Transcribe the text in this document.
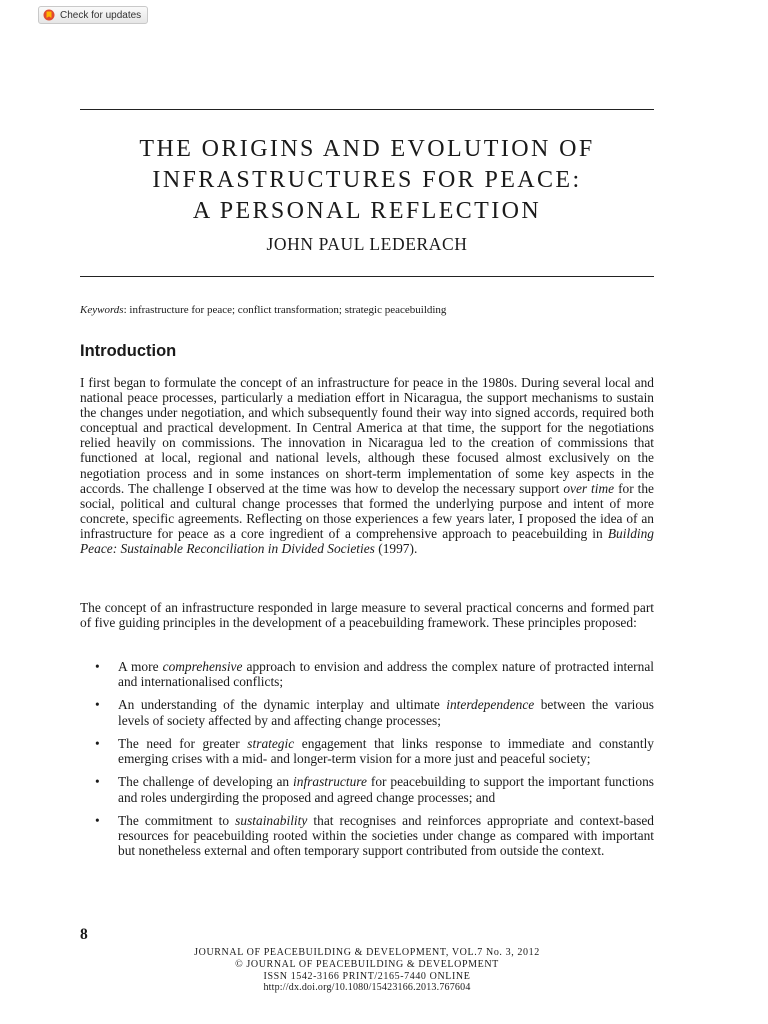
Check for updates
THE ORIGINS AND EVOLUTION OF
INFRASTRUCTURES FOR PEACE:
A PERSONAL REFLECTION
JOHN PAUL LEDERACH

Keywords: infrastructure for peace; conflict transformation; strategic peacebuilding

Introduction

I first began to formulate the concept of an infrastructure for peace in the 1980s. During several local and national peace processes, particularly a mediation effort in Nicaragua, the support mechanisms to sustain the changes under negotiation, and which subsequently found their way into signed accords, required both conceptual and practical development. In Central America at that time, the support for the negotiations relied heavily on commissions. The innovation in Nicaragua led to the creation of commissions that functioned at local, regional and national levels, although these focused almost exclusively on the negotiation process and in some instances on short-term implementation of some key aspects in the accords. The challenge I observed at the time was how to develop the necessary support over time for the social, political and cultural change processes that formed the underlying purpose and intent of more concrete, specific agreements. Reflecting on those experiences a few years later, I proposed the idea of an infrastructure for peace as a core ingredient of a comprehensive approach to peacebuilding in Building Peace: Sustainable Reconciliation in Divided Societies (1997).

The concept of an infrastructure responded in large measure to several practical concerns and formed part of five guiding principles in the development of a peacebuilding framework. These principles proposed:

• A more comprehensive approach to envision and address the complex nature of protracted internal and internationalised conflicts;
• An understanding of the dynamic interplay and ultimate interdependence between the various levels of society affected by and affecting change processes;
• The need for greater strategic engagement that links response to immediate and constantly emerging crises with a mid- and longer-term vision for a more just and peaceful society;
• The challenge of developing an infrastructure for peacebuilding to support the important functions and roles undergirding the proposed and agreed change processes; and
• The commitment to sustainability that recognises and reinforces appropriate and context-based resources for peacebuilding rooted within the societies under change as compared with important but nonetheless external and often temporary support contributed from outside the context.

8

JOURNAL OF PEACEBUILDING & DEVELOPMENT, VOL.7 No. 3, 2012
© JOURNAL OF PEACEBUILDING & DEVELOPMENT
ISSN 1542-3166 PRINT/2165-7440 ONLINE
http://dx.doi.org/10.1080/15423166.2013.767604
